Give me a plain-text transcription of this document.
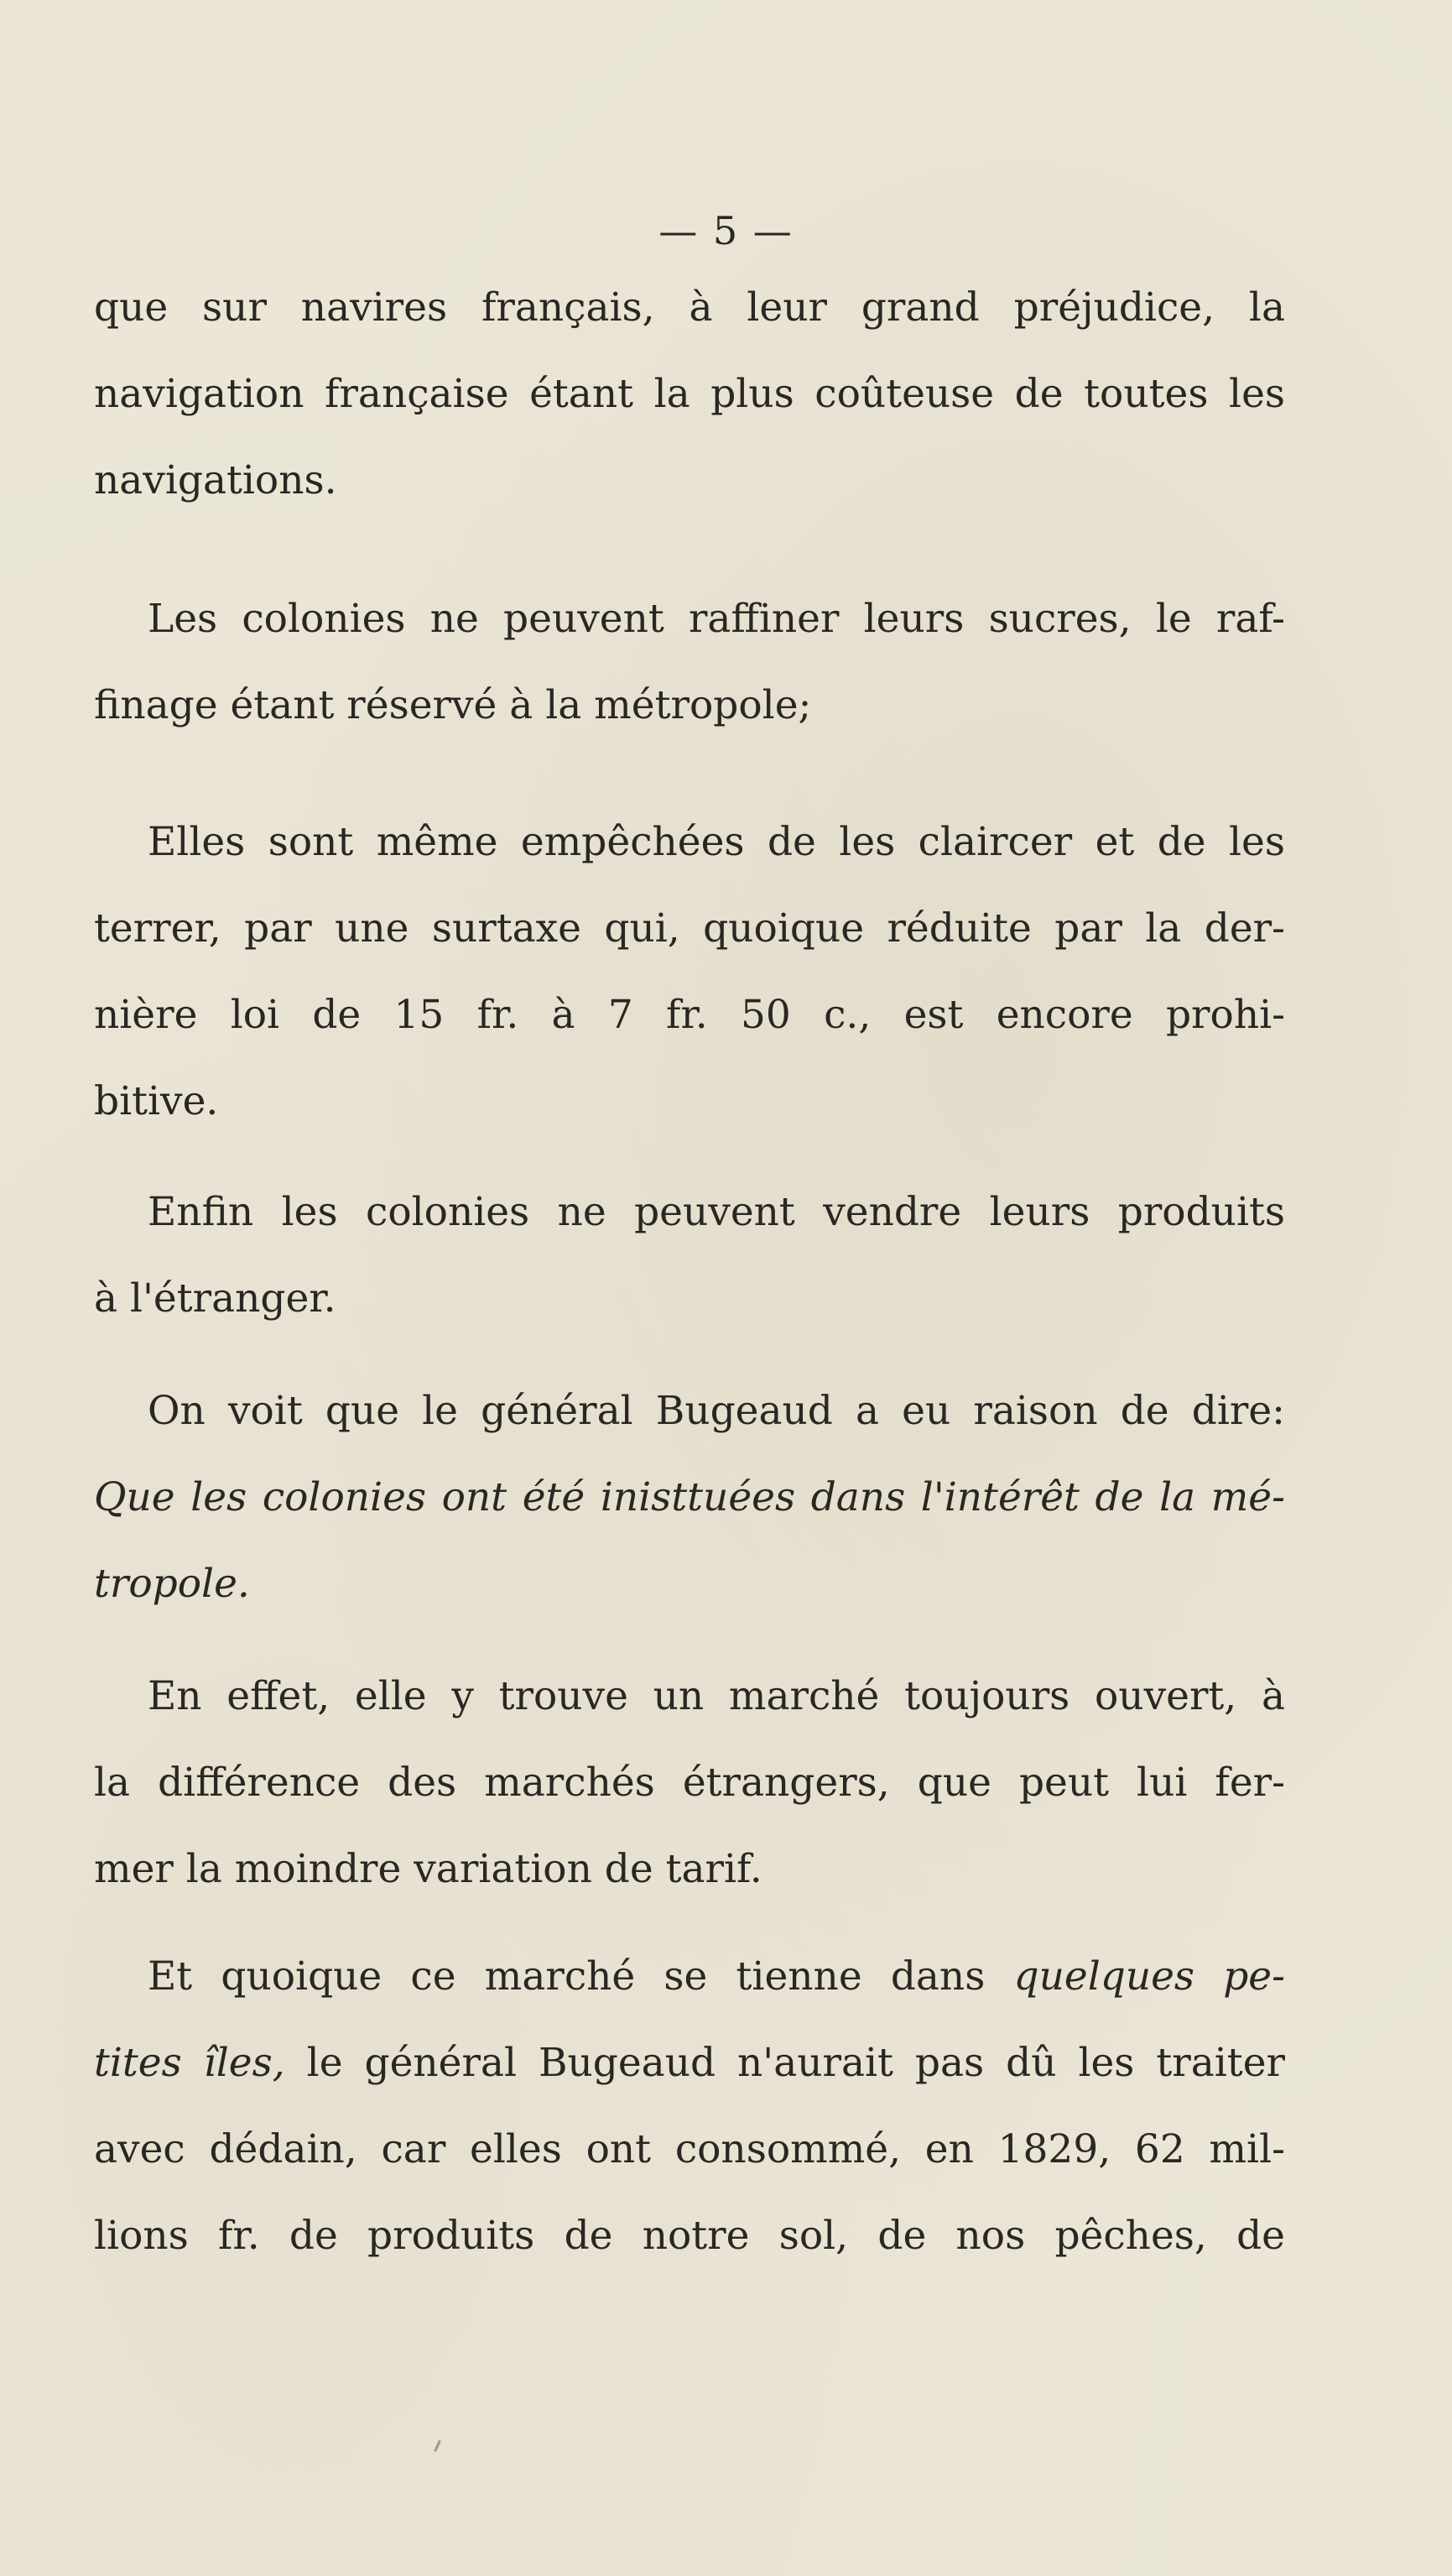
— 5 —
que sur navires français, à leur grand préjudice, la
navigation française étant la plus coûteuse de toutes les
navigations.
Les colonies ne peuvent raffiner leurs sucres, le raf-
finage étant réservé à la métropole;
Elles sont même empêchées de les claircer et de les
terrer, par une surtaxe qui, quoique réduite par la der-
nière loi de 15 fr. à 7 fr. 50 c., est encore prohi-
bitive.
Enfin les colonies ne peuvent vendre leurs produits
à l'étranger.
On voit que le général Bugeaud a eu raison de dire:
Que les colonies ont été inisttuées dans l'intérêt de la mé-
tropole.
En effet, elle y trouve un marché toujours ouvert, à
la différence des marchés étrangers, que peut lui fer-
mer la moindre variation de tarif.
Et quoique ce marché se tienne dans quelques pe-
tites îles, le général Bugeaud n'aurait pas dû les traiter
avec dédain, car elles ont consommé, en 1829, 62 mil-
lions fr. de produits de notre sol, de nos pêches, de
